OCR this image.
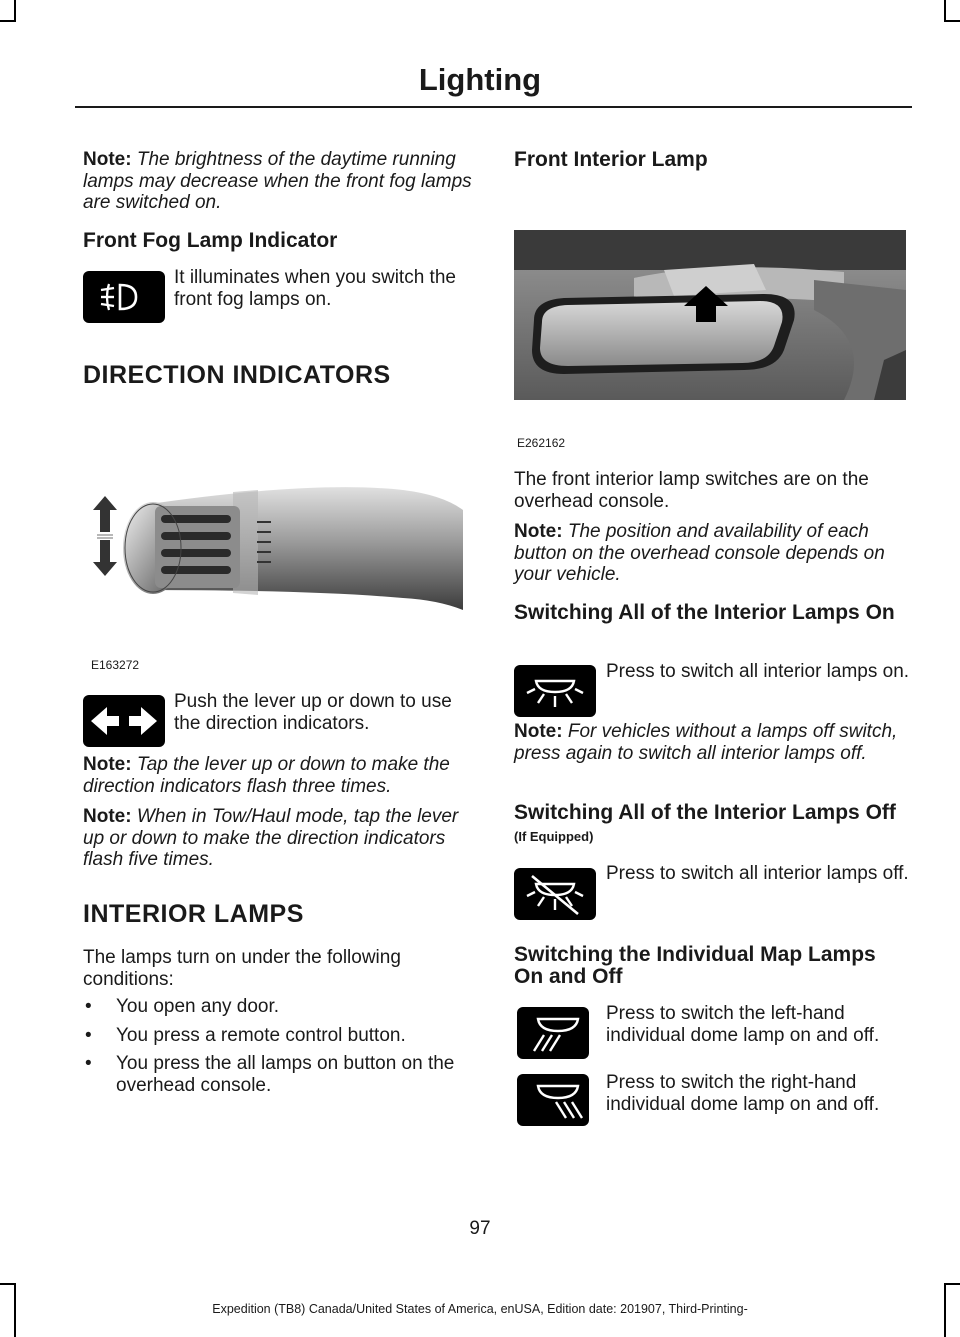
Lighting

Note: The brightness of the daytime running lamps may decrease when the front fog lamps are switched on.

Front Fog Lamp Indicator

It illuminates when you switch the front fog lamps on.

DIRECTION INDICATORS
E163272

Push the lever up or down to use the direction indicators.

Note: Tap the lever up or down to make the direction indicators flash three times.

Note: When in Tow/Haul mode, tap the lever up or down to make the direction indicators flash five times.

INTERIOR LAMPS

The lamps turn on under the following conditions:

• You open any door.

• You press a remote control button.

• You press the all lamps on button on the overhead console.

Front Interior Lamp
E262162

The front interior lamp switches are on the overhead console.

Note: The position and availability of each button on the overhead console depends on your vehicle.

Switching All of the Interior Lamps On

Press to switch all interior lamps on.

Note: For vehicles without a lamps off switch, press again to switch all interior lamps off.

Switching All of the Interior Lamps Off (If Equipped)

Press to switch all interior lamps off.

Switching the Individual Map Lamps On and Off

Press to switch the left-hand individual dome lamp on and off.

Press to switch the right-hand individual dome lamp on and off.

97
Expedition (TB8) Canada/United States of America, enUSA, Edition date: 201907, Third-Printing-
